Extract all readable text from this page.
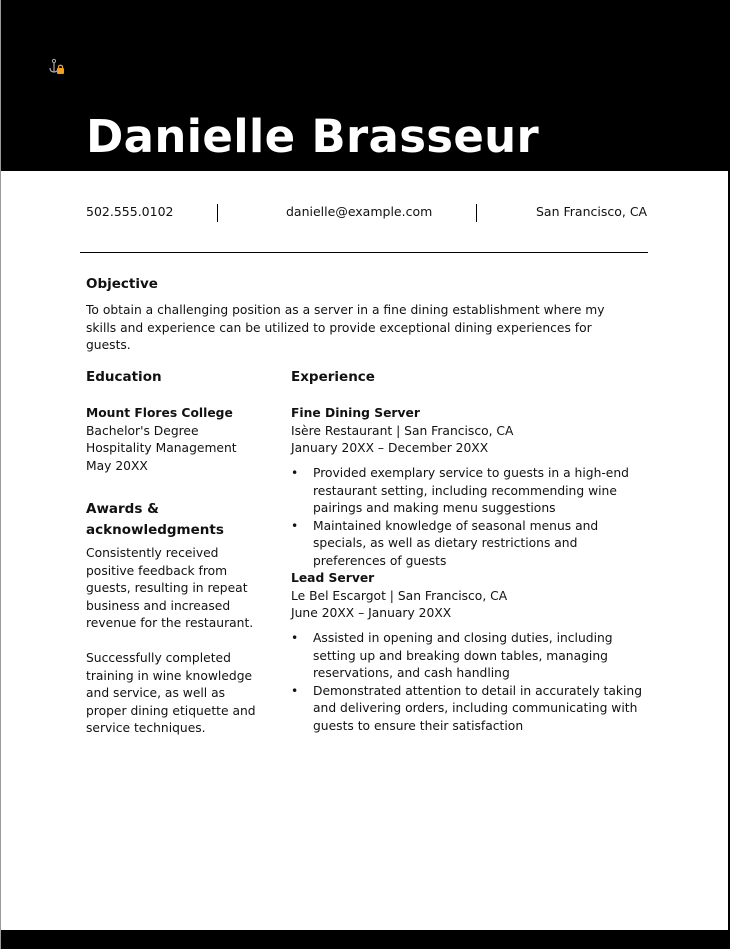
Danielle Brasseur
502.555.0102	danielle@example.com	San Francisco, CA
Objective
To obtain a challenging position as a server in a fine dining establishment where my skills and experience can be utilized to provide exceptional dining experiences for guests.
Education
Mount Flores College
Bachelor's Degree
Hospitality Management
May 20XX
Awards &
acknowledgments
Consistently received positive feedback from guests, resulting in repeat business and increased revenue for the restaurant.
Successfully completed training in wine knowledge and service, as well as proper dining etiquette and service techniques.
Experience
Fine Dining Server
Isère Restaurant | San Francisco, CA
January 20XX – December 20XX
• Provided exemplary service to guests in a high-end restaurant setting, including recommending wine pairings and making menu suggestions
• Maintained knowledge of seasonal menus and specials, as well as dietary restrictions and preferences of guests
Lead Server
Le Bel Escargot | San Francisco, CA
June 20XX – January 20XX
• Assisted in opening and closing duties, including setting up and breaking down tables, managing reservations, and cash handling
• Demonstrated attention to detail in accurately taking and delivering orders, including communicating with guests to ensure their satisfaction
